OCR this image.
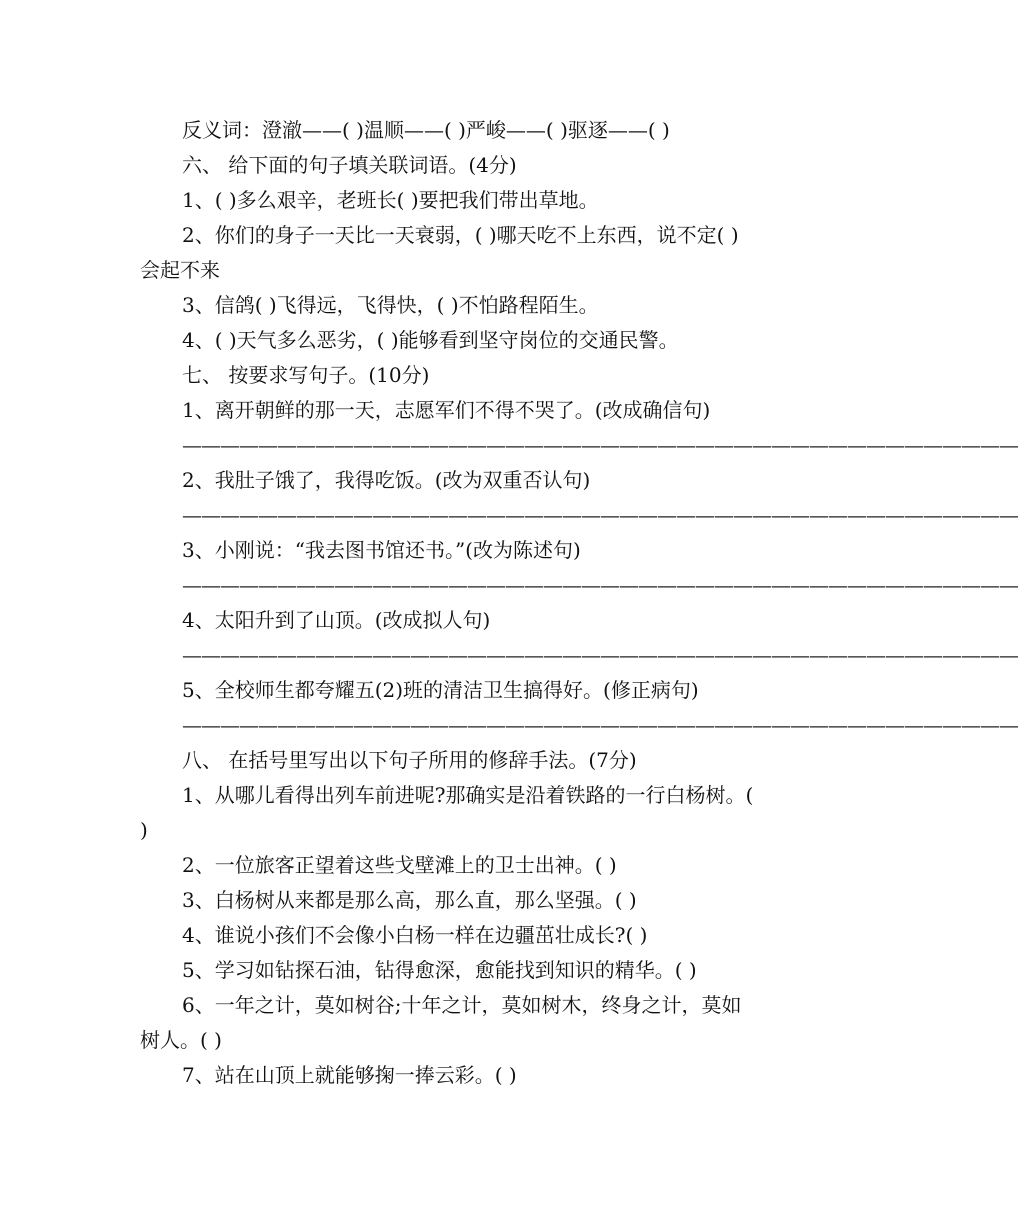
反义词：澄澈——( )温顺——( )严峻——( )驱逐——( )
六、 给下面的句子填关联词语。(4分)
1、( )多么艰辛，老班长( )要把我们带出草地。
2、你们的身子一天比一天衰弱，( )哪天吃不上东西，说不定( )
会起不来
3、信鸽( )飞得远，飞得快，( )不怕路程陌生。
4、( )天气多么恶劣，( )能够看到坚守岗位的交通民警。
七、 按要求写句子。(10分)
1、离开朝鲜的那一天，志愿军们不得不哭了。(改成确信句)
————————————————————————————————————————————
2、我肚子饿了，我得吃饭。(改为双重否认句)
————————————————————————————————————————————
3、小刚说：“我去图书馆还书。”(改为陈述句)
————————————————————————————————————————————
4、太阳升到了山顶。(改成拟人句)
————————————————————————————————————————————
5、全校师生都夸耀五(2)班的清洁卫生搞得好。(修正病句)
————————————————————————————————————————————
八、 在括号里写出以下句子所用的修辞手法。(7分)
1、从哪儿看得出列车前进呢?那确实是沿着铁路的一行白杨树。(
)
2、一位旅客正望着这些戈壁滩上的卫士出神。( )
3、白杨树从来都是那么高，那么直，那么坚强。( )
4、谁说小孩们不会像小白杨一样在边疆茁壮成长?( )
5、学习如钻探石油，钻得愈深，愈能找到知识的精华。( )
6、一年之计，莫如树谷;十年之计，莫如树木，终身之计，莫如
树人。( )
7、站在山顶上就能够掬一捧云彩。( )
